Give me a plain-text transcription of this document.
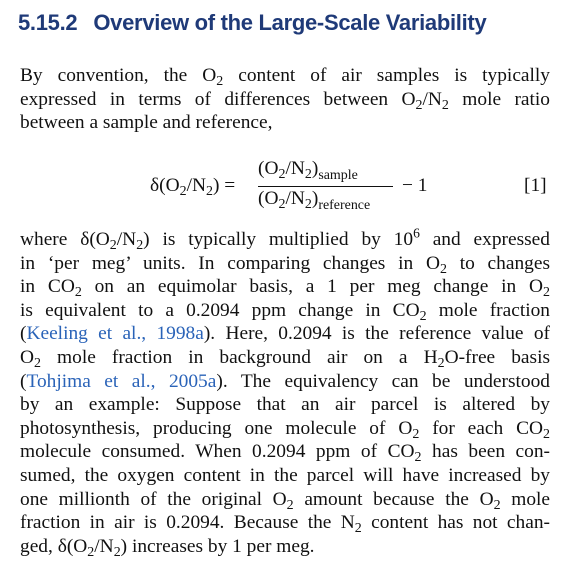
5.15.2 Overview of the Large-Scale Variability
By convention, the $O_2$ content of air samples is typically
expressed in terms of differences between $O_2/N_2$ mole ratio
between a sample and reference,
$\delta(O_2/N_2)$ =
$(O_2/N_2)_{sample}$
$(O_2/N_2)_{reference}$
− 1	[1]
where $\delta(O_2/N_2)$ is typically multiplied by $10^6$ and expressed
in ‘per meg’ units. In comparing changes in $O_2$ to changes
in $CO_2$ on an equimolar basis, a 1 per meg change in $O_2$
is equivalent to a 0.2094 ppm change in $CO_2$ mole fraction
(Keeling et al., 1998a). Here, 0.2094 is the reference value of
$O_2$ mole fraction in background air on a $H_2O$-free basis
(Tohjima et al., 2005a). The equivalency can be understood
by an example: Suppose that an air parcel is altered by
photosynthesis, producing one molecule of $O_2$ for each $CO_2$
molecule consumed. When 0.2094 ppm of $CO_2$ has been con-
sumed, the oxygen content in the parcel will have increased by
one millionth of the original $O_2$ amount because the $O_2$ mole
fraction in air is 0.2094. Because the $N_2$ content has not chan-
ged, $\delta(O_2/N_2)$ increases by 1 per meg.
